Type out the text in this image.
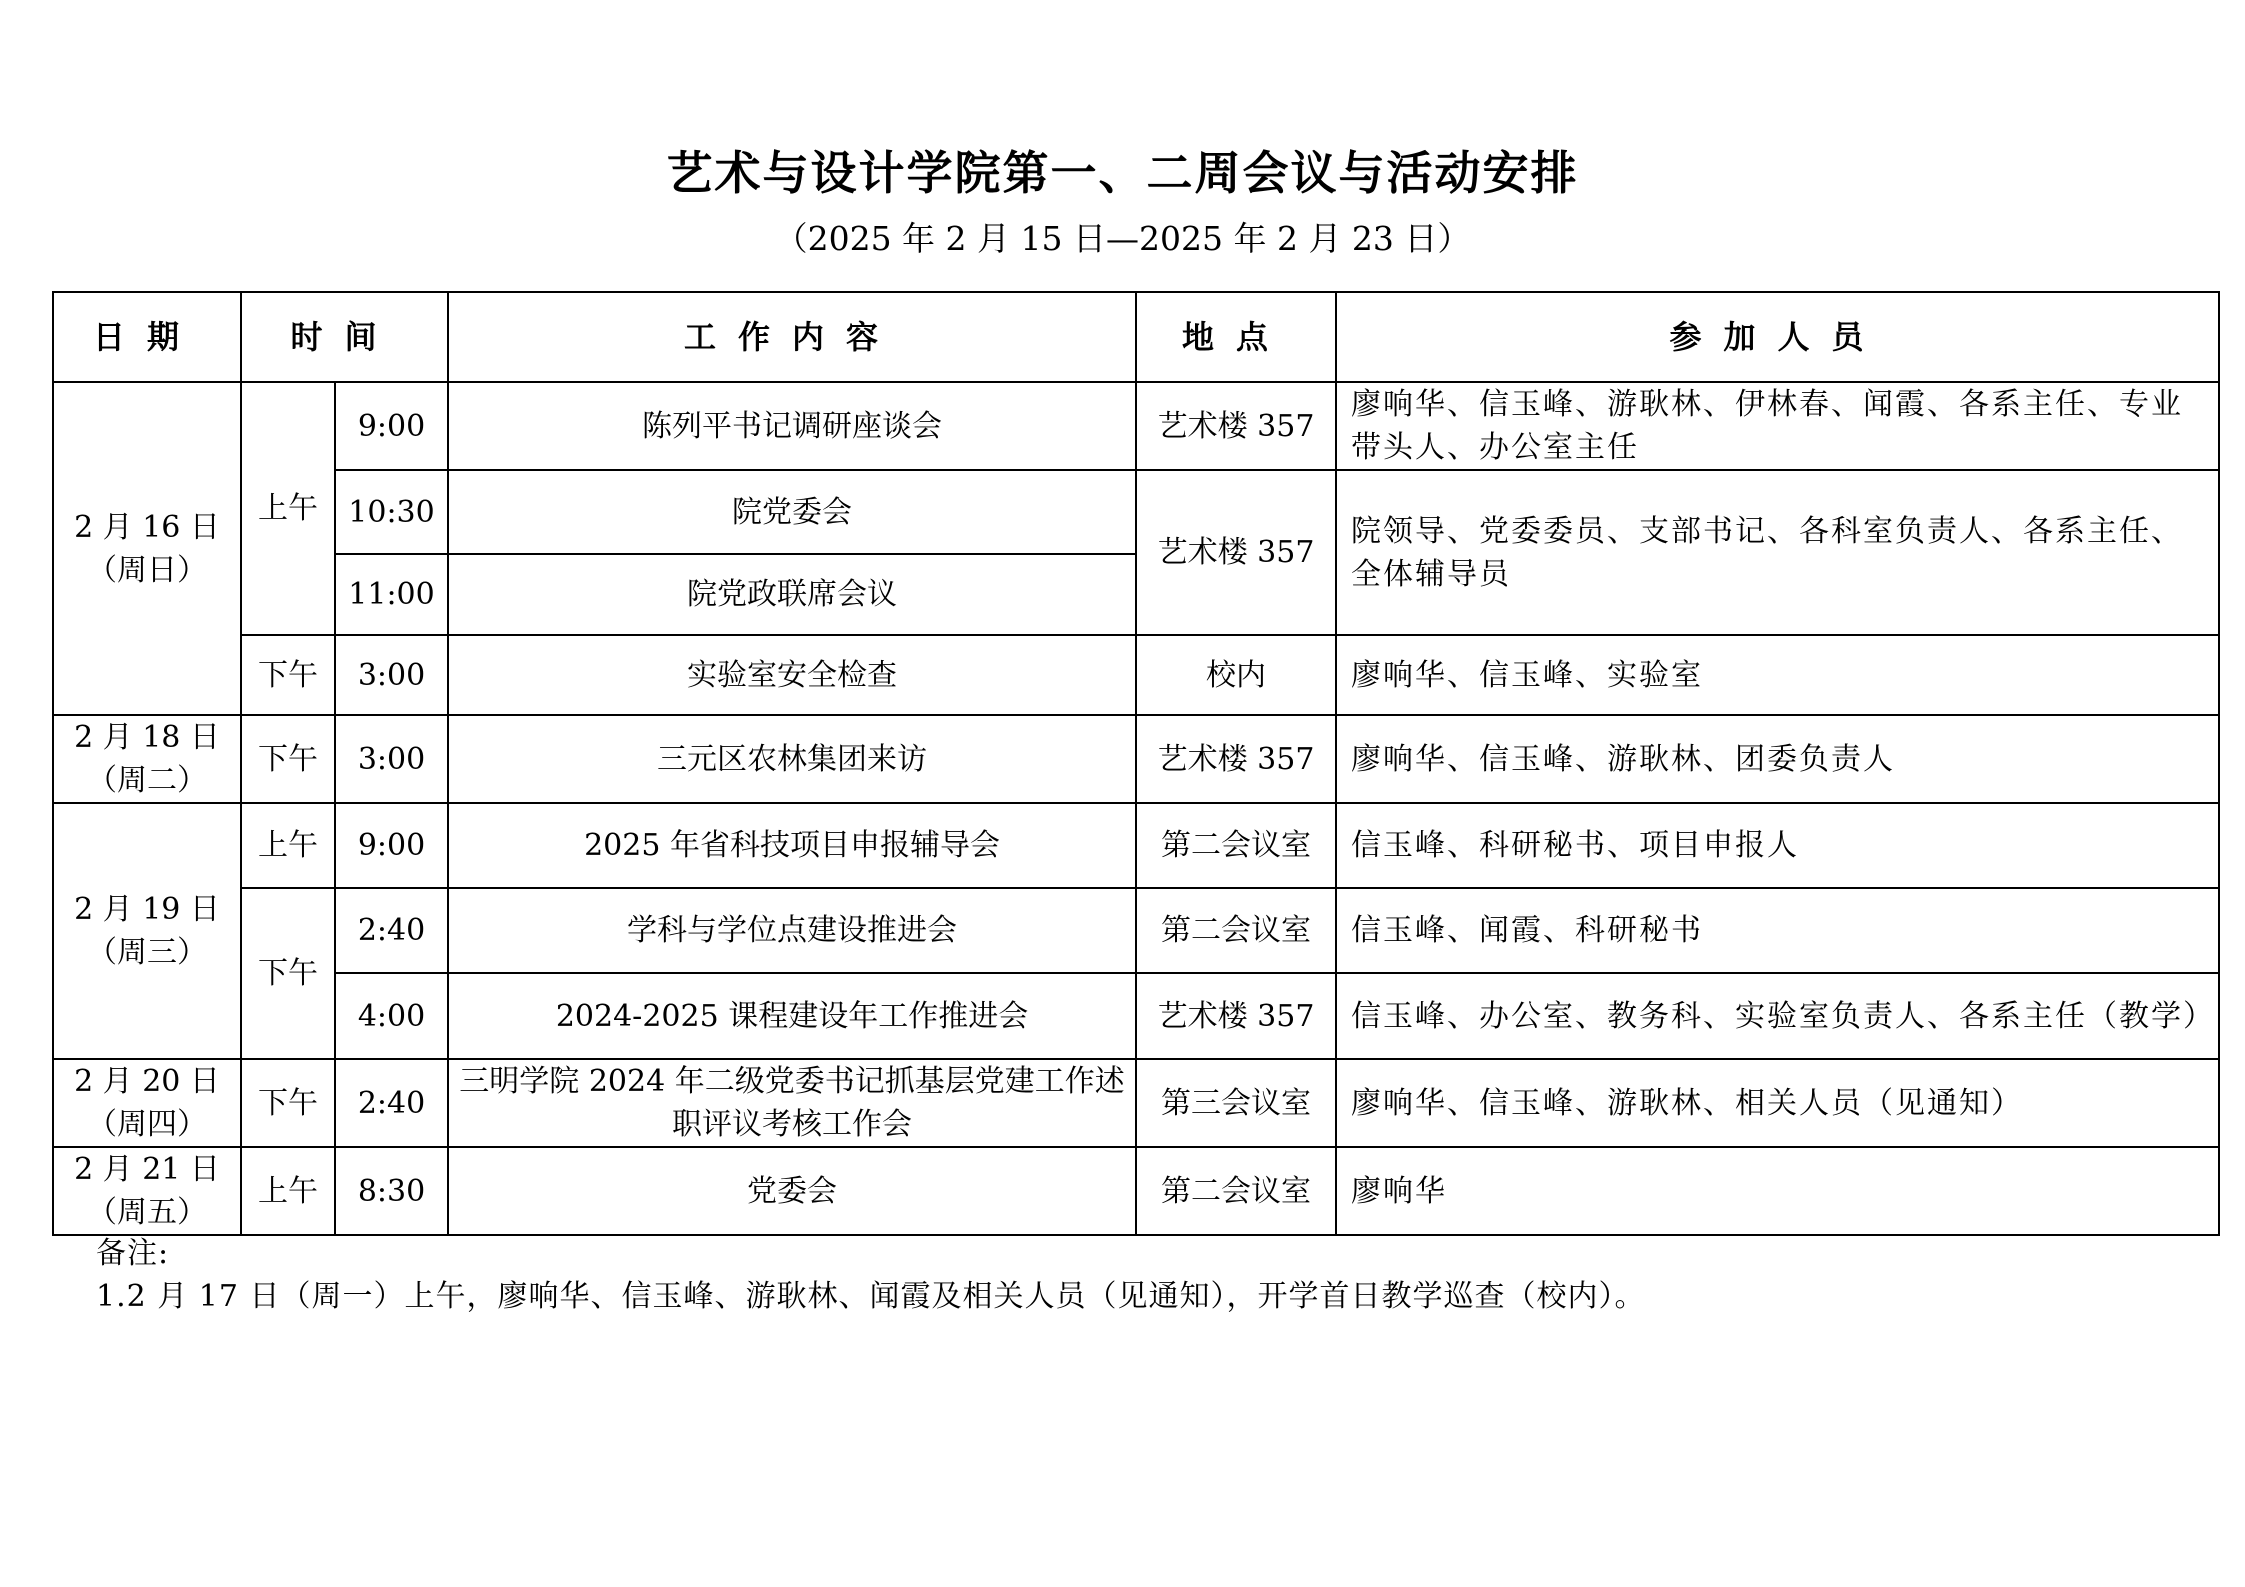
艺术与设计学院第一、二周会议与活动安排
（2025 年 2 月 15 日—2025 年 2 月 23 日）
日期	时间		工作内容	地点	参加人员

2 月 16 日
（周日）	上午	9:00	陈列平书记调研座谈会	艺术楼 357	廖响华、信玉峰、游耿林、伊林春、闻霞、各系主任、专业带头人、办公室主任
		10:30	院党委会	艺术楼 357	院领导、党委委员、支部书记、各科室负责人、各系主任、全体辅导员
		11:00	院党政联席会议		
	下午	3:00	实验室安全检查	校内	廖响华、信玉峰、实验室

2 月 18 日
（周二）	下午	3:00	三元区农林集团来访	艺术楼 357	廖响华、信玉峰、游耿林、团委负责人

2 月 19 日
（周三）	上午	9:00	2025 年省科技项目申报辅导会	第二会议室	信玉峰、科研秘书、项目申报人
	下午	2:40	学科与学位点建设推进会	第二会议室	信玉峰、闻霞、科研秘书
		4:00	2024-2025 课程建设年工作推进会	艺术楼 357	信玉峰、办公室、教务科、实验室负责人、各系主任（教学）

2 月 20 日
（周四）	下午	2:40	三明学院 2024 年二级党委书记抓基层党建工作述职评议考核工作会	第三会议室	廖响华、信玉峰、游耿林、相关人员（见通知）

2 月 21 日
（周五）	上午	8:30	党委会	第二会议室	廖响华
备注:
1.2 月 17 日（周一）上午，廖响华、信玉峰、游耿林、闻霞及相关人员（见通知），开学首日教学巡查（校内）。
